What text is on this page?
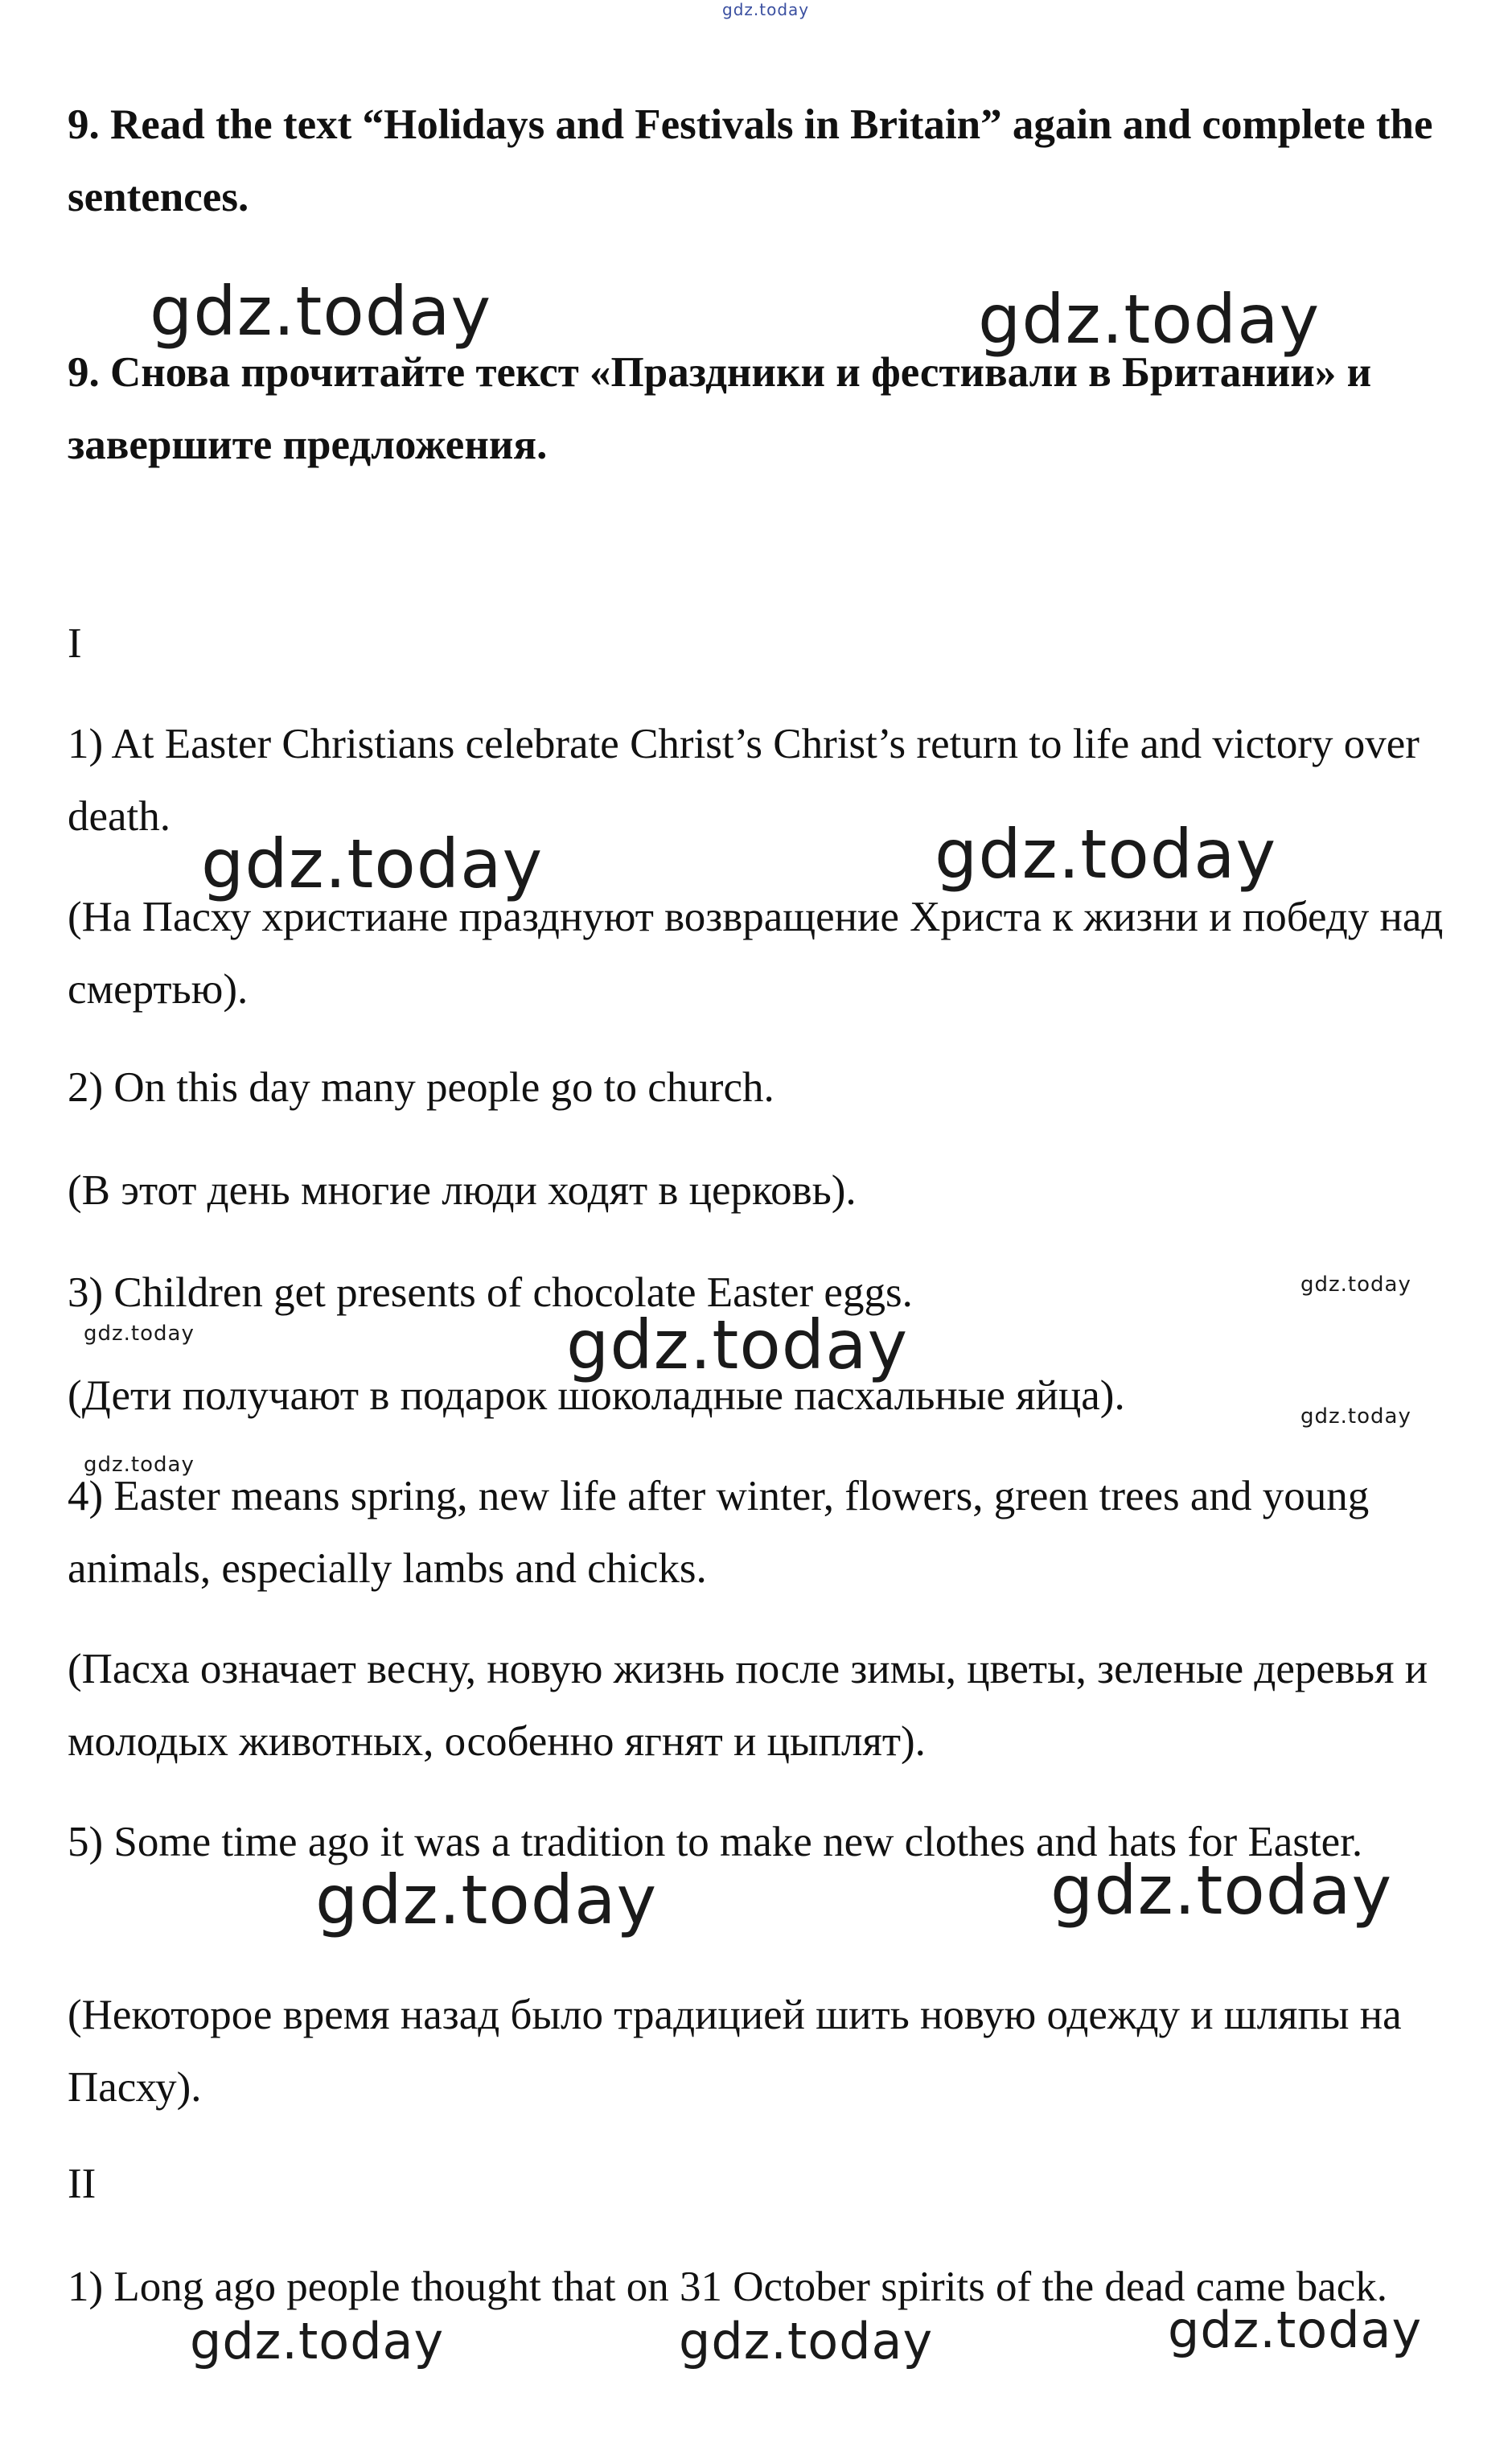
gdz.today

9. Read the text “Holidays and Festivals in Britain” again and complete the sentences.

gdz.today	gdz.today

9. Снова прочитайте текст «Праздники и фестивали в Британии» и завершите предложения.

I

1) At Easter Christians celebrate Christ’s Christ’s return to life and victory over death.

gdz.today	gdz.today

(На Пасху христиане празднуют возвращение Христа к жизни и победу над смертью).

2) On this day many people go to church.

(В этот день многие люди ходят в церковь).

3) Children get presents of chocolate Easter eggs.	gdz.today
gdz.today	gdz.today

(Дети получают в подарок шоколадные пасхальные яйца).	gdz.today
gdz.today

4) Easter means spring, new life after winter, flowers, green trees and young animals, especially lambs and chicks.

(Пасха означает весну, новую жизнь после зимы, цветы, зеленые деревья и молодых животных, особенно ягнят и цыплят).

5) Some time ago it was a tradition to make new clothes and hats for Easter.

gdz.today	gdz.today

(Некоторое время назад было традицией шить новую одежду и шляпы на Пасху).

II

1) Long ago people thought that on 31 October spirits of the dead came back.

gdz.today	gdz.today	gdz.today
